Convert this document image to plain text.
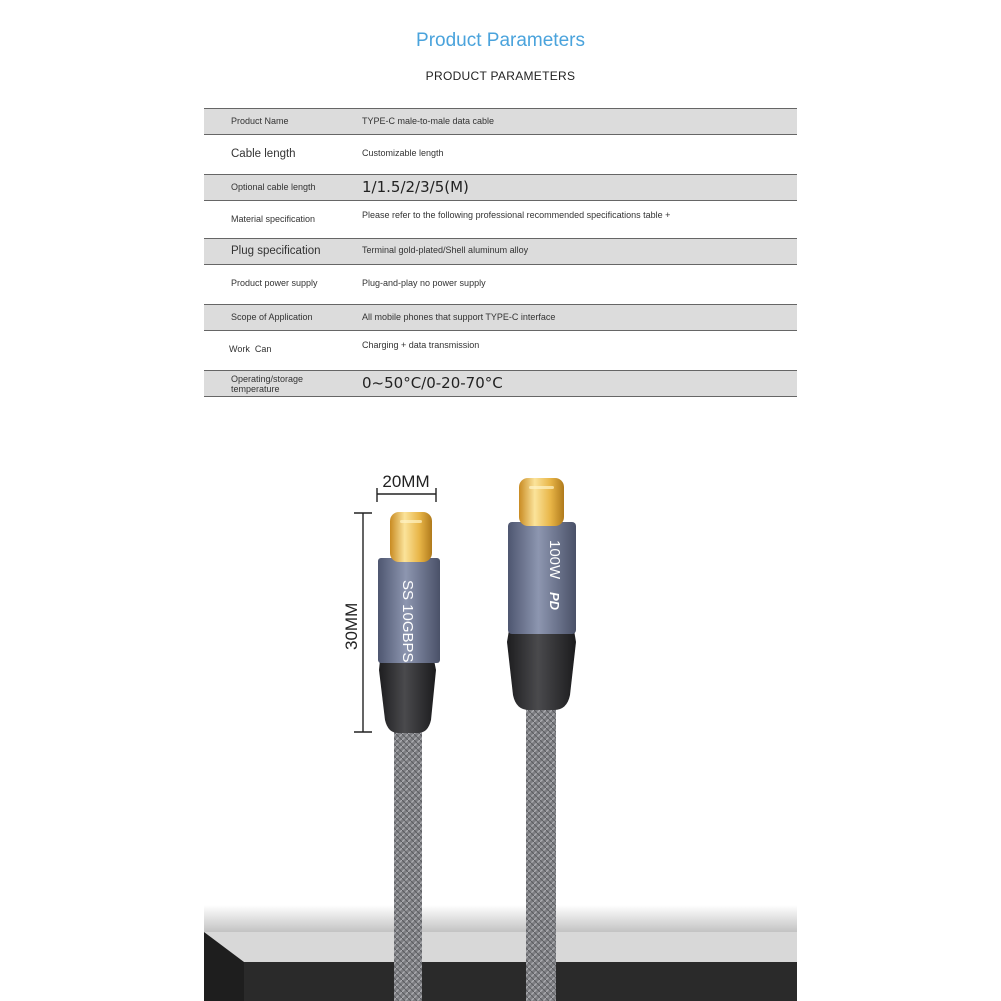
Product Parameters
PRODUCT PARAMETERS
Product Name	TYPE-C male-to-male data cable
Cable length	Customizable length
Optional cable length	1/1.5/2/3/5(M)
Material specification	Please refer to the following professional recommended specifications table +
Plug specification	Terminal gold-plated/Shell aluminum alloy
Product power supply	Plug-and-play no power supply
Scope of Application	All mobile phones that support TYPE-C interface
Work  Can	Charging + data transmission
Operating/storage temperature	0~50°C/0-20-70°C
SS 10GBPS
100W
PD
20MM
30MM
